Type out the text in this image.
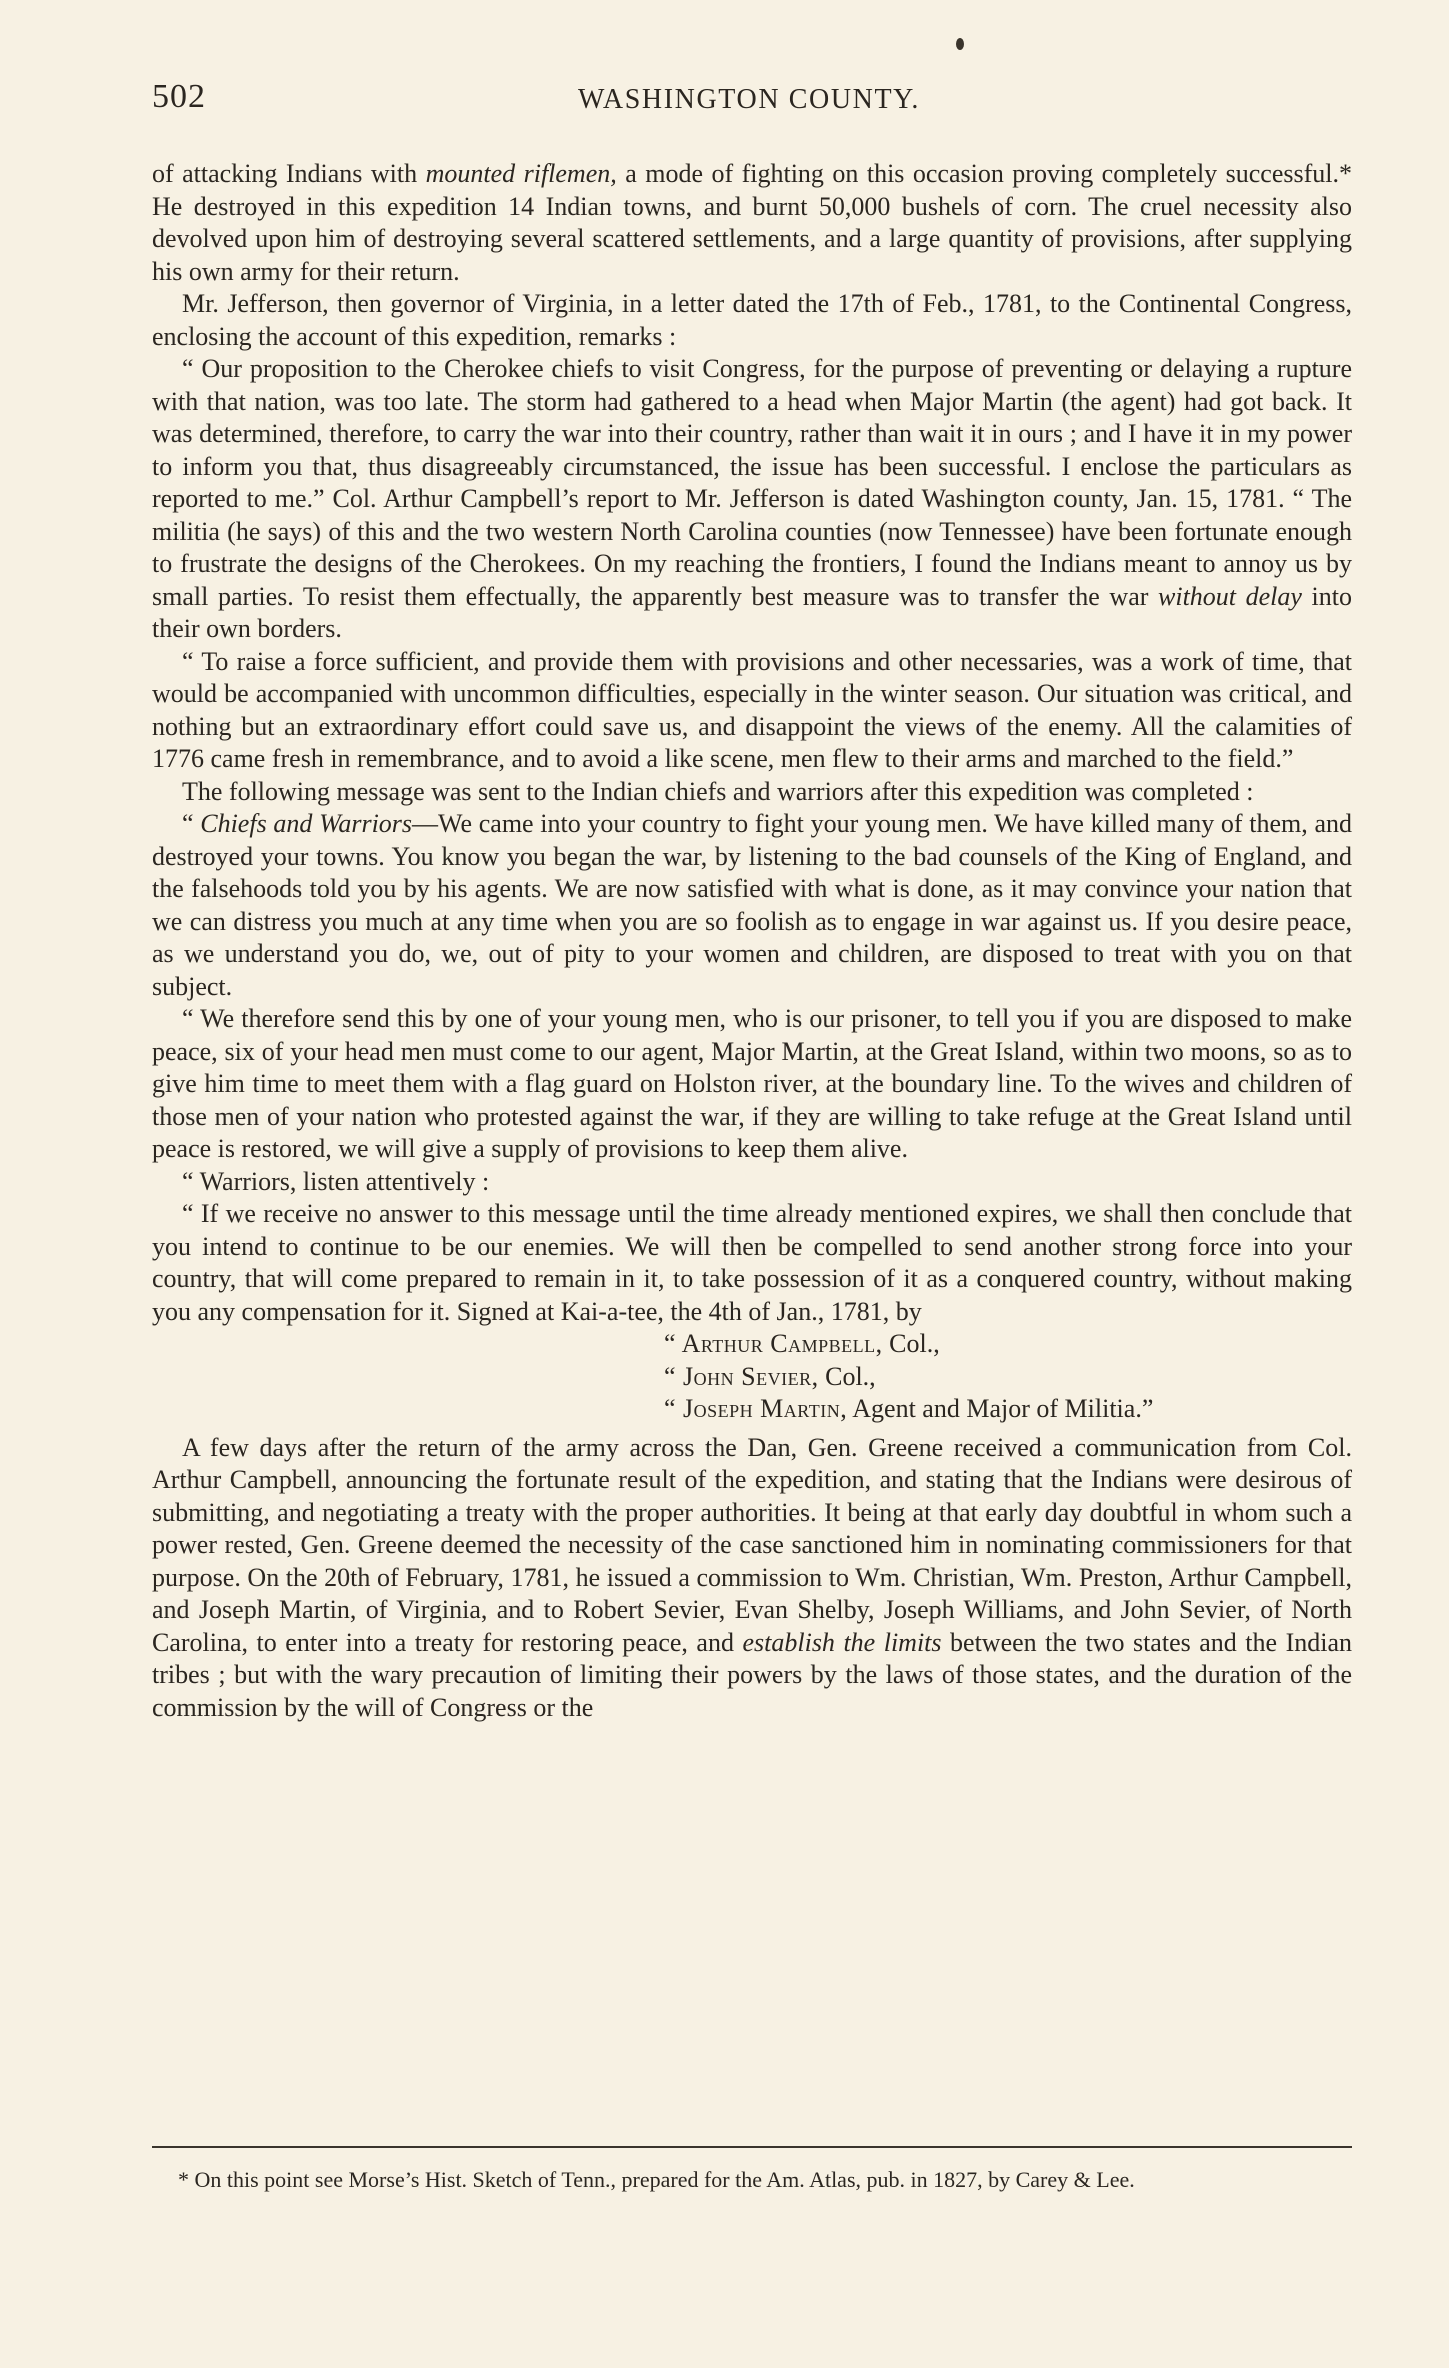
502	WASHINGTON COUNTY.

of attacking Indians with mounted riflemen, a mode of fighting on this occasion proving completely successful.* He destroyed in this expedition 14 Indian towns, and burnt 50,000 bushels of corn. The cruel necessity also devolved upon him of destroying several scattered settlements, and a large quantity of provisions, after supplying his own army for their return.

Mr. Jefferson, then governor of Virginia, in a letter dated the 17th of Feb., 1781, to the Continental Congress, enclosing the account of this expedition, remarks :

“ Our proposition to the Cherokee chiefs to visit Congress, for the purpose of preventing or delaying a rupture with that nation, was too late. The storm had gathered to a head when Major Martin (the agent) had got back. It was determined, therefore, to carry the war into their country, rather than wait it in ours ; and I have it in my power to inform you that, thus disagreeably circumstanced, the issue has been successful. I enclose the particulars as reported to me.” Col. Arthur Campbell’s report to Mr. Jefferson is dated Washington county, Jan. 15, 1781. “ The militia (he says) of this and the two western North Carolina counties (now Tennessee) have been fortunate enough to frustrate the designs of the Cherokees. On my reaching the frontiers, I found the Indians meant to annoy us by small parties. To resist them effectually, the apparently best measure was to transfer the war without delay into their own borders.

“ To raise a force sufficient, and provide them with provisions and other necessaries, was a work of time, that would be accompanied with uncommon difficulties, especially in the winter season. Our situation was critical, and nothing but an extraordinary effort could save us, and disappoint the views of the enemy. All the calamities of 1776 came fresh in remembrance, and to avoid a like scene, men flew to their arms and marched to the field.”

The following message was sent to the Indian chiefs and warriors after this expedition was completed :

“ Chiefs and Warriors—We came into your country to fight your young men. We have killed many of them, and destroyed your towns. You know you began the war, by listening to the bad counsels of the King of England, and the falsehoods told you by his agents. We are now satisfied with what is done, as it may convince your nation that we can distress you much at any time when you are so foolish as to engage in war against us. If you desire peace, as we understand you do, we, out of pity to your women and children, are disposed to treat with you on that subject.

“ We therefore send this by one of your young men, who is our prisoner, to tell you if you are disposed to make peace, six of your head men must come to our agent, Major Martin, at the Great Island, within two moons, so as to give him time to meet them with a flag guard on Holston river, at the boundary line. To the wives and children of those men of your nation who protested against the war, if they are willing to take refuge at the Great Island until peace is restored, we will give a supply of provisions to keep them alive.

“ Warriors, listen attentively :

“ If we receive no answer to this message until the time already mentioned expires, we shall then conclude that you intend to continue to be our enemies. We will then be compelled to send another strong force into your country, that will come prepared to remain in it, to take possession of it as a conquered country, without making you any compensation for it. Signed at Kai-a-tee, the 4th of Jan., 1781, by

“ Arthur Campbell, Col.,
“ John Sevier, Col.,
“ Joseph Martin, Agent and Major of Militia.”

A few days after the return of the army across the Dan, Gen. Greene received a communication from Col. Arthur Campbell, announcing the fortunate result of the expedition, and stating that the Indians were desirous of submitting, and negotiating a treaty with the proper authorities. It being at that early day doubtful in whom such a power rested, Gen. Greene deemed the necessity of the case sanctioned him in nominating commissioners for that purpose. On the 20th of February, 1781, he issued a commission to Wm. Christian, Wm. Preston, Arthur Campbell, and Joseph Martin, of Virginia, and to Robert Sevier, Evan Shelby, Joseph Williams, and John Sevier, of North Carolina, to enter into a treaty for restoring peace, and establish the limits between the two states and the Indian tribes ; but with the wary precaution of limiting their powers by the laws of those states, and the duration of the commission by the will of Congress or the

* On this point see Morse’s Hist. Sketch of Tenn., prepared for the Am. Atlas, pub. in 1827, by Carey & Lee.
